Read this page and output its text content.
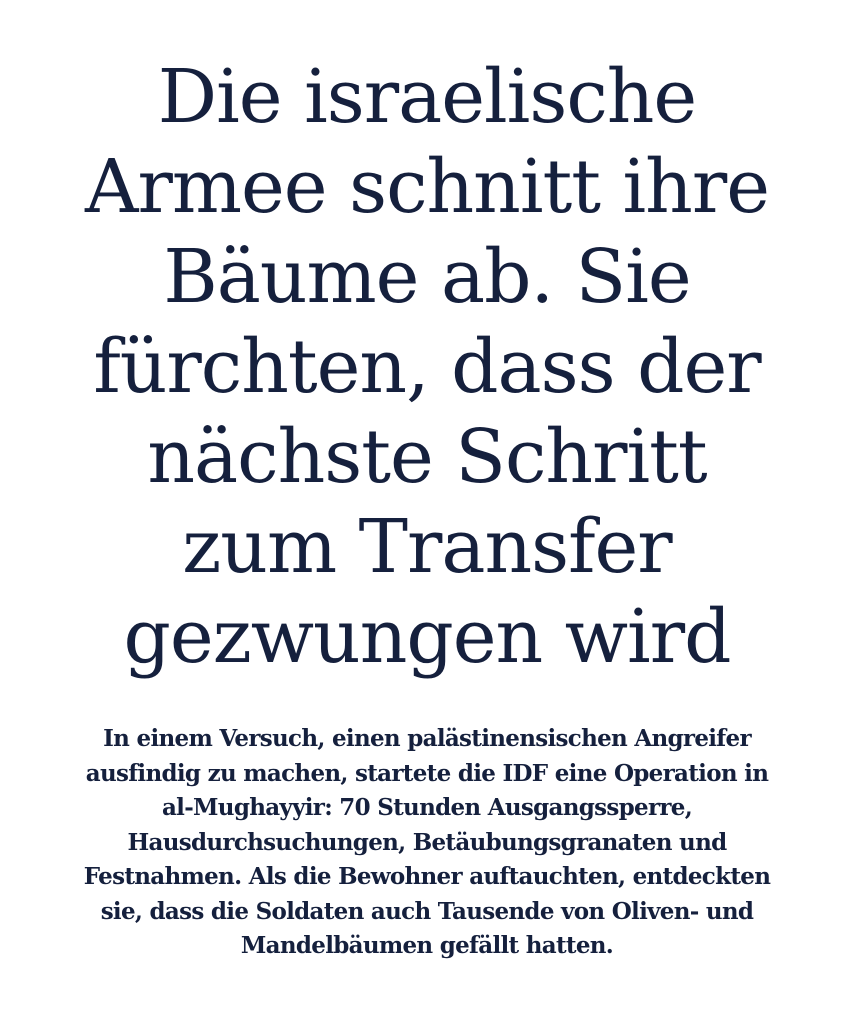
Die israelische
Armee schnitt ihre
Bäume ab. Sie
fürchten, dass der
nächste Schritt
zum Transfer
gezwungen wird

In einem Versuch, einen palästinensischen Angreifer
ausfindig zu machen, startete die IDF eine Operation in
al-Mughayyir: 70 Stunden Ausgangssperre,
Hausdurchsuchungen, Betäubungsgranaten und
Festnahmen. Als die Bewohner auftauchten, entdeckten
sie, dass die Soldaten auch Tausende von Oliven- und
Mandelbäumen gefällt hatten.
